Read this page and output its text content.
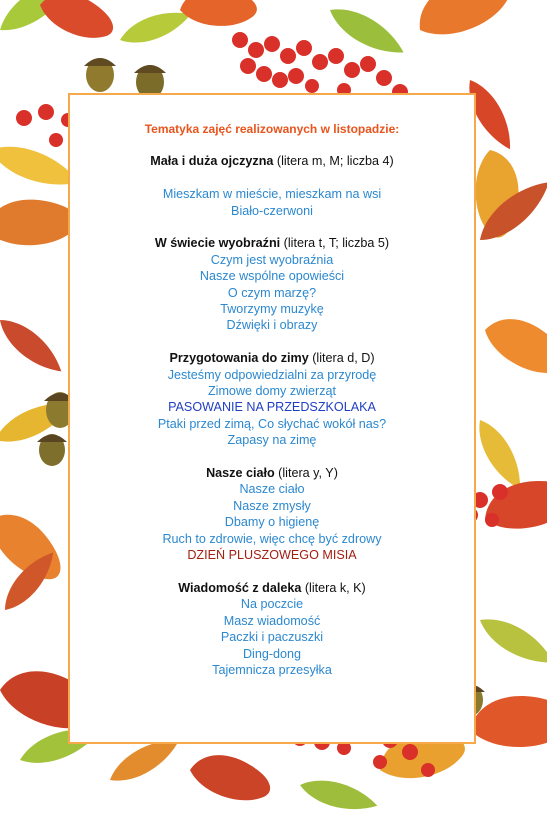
Tematyka zajęć realizowanych w listopadzie:
Mała i duża ojczyzna (litera m, M; liczba 4)
Mieszkam w mieście, mieszkam na wsi
Biało-czerwoni
W świecie wyobraźni (litera t, T; liczba 5)
Czym jest wyobraźnia
Nasze wspólne opowieści
O czym marzę?
Tworzymy muzykę
Dźwięki i obrazy
Przygotowania do zimy (litera d, D)
Jesteśmy odpowiedzialni za przyrodę
Zimowe domy zwierząt
PASOWANIE NA PRZEDSZKOLAKA
Ptaki przed zimą, Co słychać wokół nas?
Zapasy na zimę
Nasze ciało (litera y, Y)
Nasze ciało
Nasze zmysły
Dbamy o higienę
Ruch to zdrowie, więc chcę być zdrowy
DZIEŃ PLUSZOWEGO MISIA
Wiadomość z daleka (litera k, K)
Na poczcie
Masz wiadomość
Paczki i paczuszki
Ding-dong
Tajemnicza przesyłka
